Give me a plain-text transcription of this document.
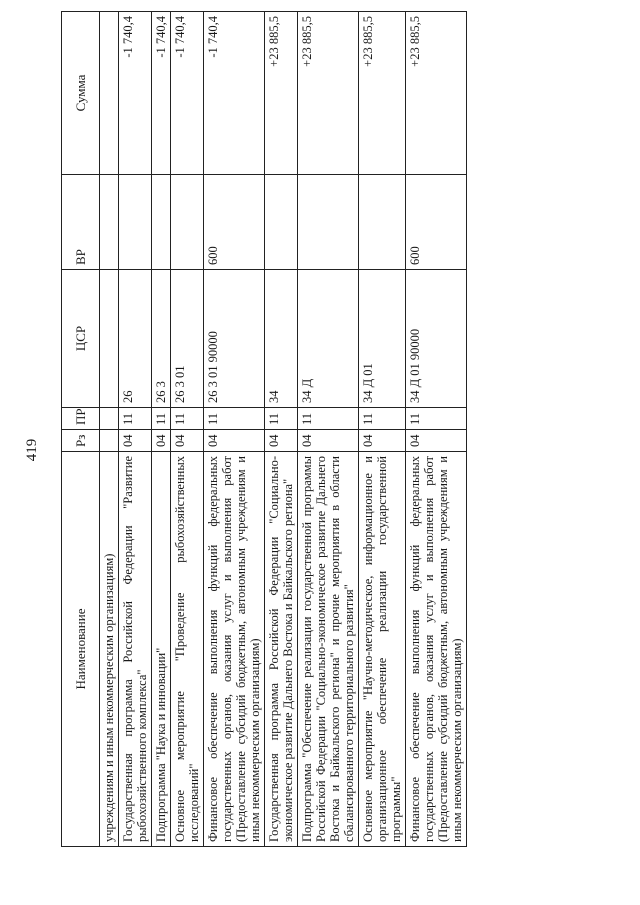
419
Наименование	Рз	ПР	ЦСР	ВР	Сумма
учреждениям и иным некоммерческим организациям)					
Государственная программа Российской Федерации "Развитие рыбохозяйственного комплекса"	04	11	26		-1 740,4
Подпрограмма "Наука и инновации"	04	11	26 3		-1 740,4
Основное мероприятие "Проведение рыбохозяйственных исследований"	04	11	26 3 01		-1 740,4
Финансовое обеспечение выполнения функций федеральных государственных органов, оказания услуг и выполнения работ (Предоставление субсидий бюджетным, автономным учреждениям и иным некоммерческим организациям)	04	11	26 3 01 90000	600	-1 740,4
Государственная программа Российской Федерации "Социально-экономическое развитие Дальнего Востока и Байкальского региона"	04	11	34		+23 885,5
Подпрограмма "Обеспечение реализации государственной программы Российской Федерации "Социально-экономическое развитие Дальнего Востока и Байкальского региона" и прочие мероприятия в области сбалансированного территориального развития"	04	11	34 Д		+23 885,5
Основное мероприятие "Научно-методическое, информационное и организационное обеспечение реализации государственной программы"	04	11	34 Д 01		+23 885,5
Финансовое обеспечение выполнения функций федеральных государственных органов, оказания услуг и выполнения работ (Предоставление субсидий бюджетным, автономным учреждениям и иным некоммерческим организациям)	04	11	34 Д 01 90000	600	+23 885,5
